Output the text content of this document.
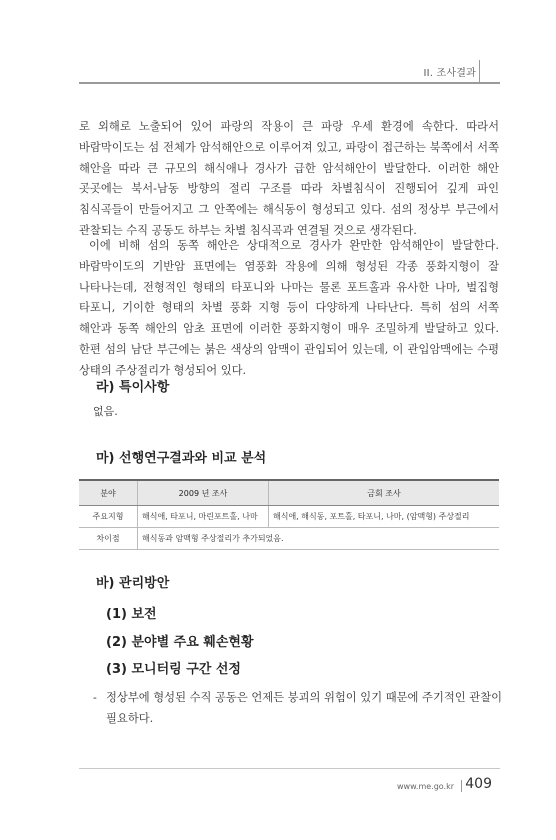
II. 조사결과

로 외해로 노출되어 있어 파랑의 작용이 큰 파랑 우세 환경에 속한다. 따라서 바람막이도는 섬 전체가 암석해안으로 이루어져 있고, 파랑이 접근하는 북쪽에서 서쪽 해안을 따라 큰 규모의 해식애나 경사가 급한 암석해안이 발달한다. 이러한 해안 곳곳에는 북서-남동 방향의 절리 구조를 따라 차별침식이 진행되어 깊게 파인 침식곡들이 만들어지고 그 안쪽에는 해식동이 형성되고 있다. 섬의 정상부 부근에서 관찰되는 수직 공동도 하부는 차별 침식곡과 연결될 것으로 생각된다.

이에 비해 섬의 동쪽 해안은 상대적으로 경사가 완만한 암석해안이 발달한다. 바람막이도의 기반암 표면에는 염풍화 작용에 의해 형성된 각종 풍화지형이 잘 나타나는데, 전형적인 형태의 타포니와 나마는 물론 포트홀과 유사한 나마, 벌집형 타포니, 기이한 형태의 차별 풍화 지형 등이 다양하게 나타난다. 특히 섬의 서쪽 해안과 동쪽 해안의 암초 표면에 이러한 풍화지형이 매우 조밀하게 발달하고 있다. 한편 섬의 남단 부근에는 붉은 색상의 암맥이 관입되어 있는데, 이 관입암맥에는 수평 상태의 주상절리가 형성되어 있다.

라) 특이사항
없음.
마) 선행연구결과와 비교 분석
분야	2009 년 조사	금회 조사
주요지형	해식애, 타포니, 마린포트홀, 나마	해식애, 해식동, 포트홀, 타포니, 나마, (암맥형) 주상절리
차이점	해식동과 암맥형 주상절리가 추가되었음.	
바) 관리방안
(1) 보전
(2) 분야별 주요 훼손현황
(3) 모니터링 구간 선정
- 정상부에 형성된 수직 공동은 언제든 붕괴의 위험이 있기 때문에 주기적인 관찰이 필요하다.
www.me.go.kr 409
